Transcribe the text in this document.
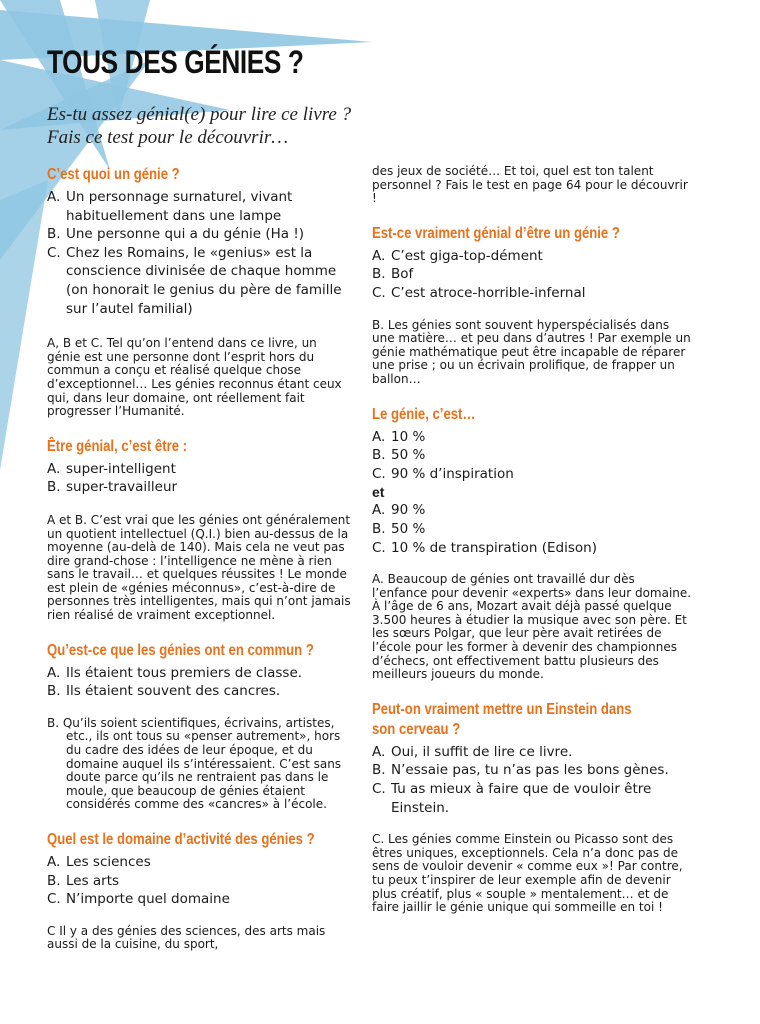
TOUS DES GÉNIES ?
Es-tu assez génial(e) pour lire ce livre ?
Fais ce test pour le découvrir…

C’est quoi un génie ?

A. Un personnage surnaturel, vivant habituellement dans une lampe
B. Une personne qui a du génie (Ha !)
C. Chez les Romains, le «genius» est la conscience divinisée de chaque homme (on honorait le genius du père de famille sur l’autel familial)
A, B et C. Tel qu’on l’entend dans ce livre, un génie est une personne dont l’esprit hors du commun a conçu et réalisé quelque chose d’exceptionnel… Les génies reconnus étant ceux qui, dans leur domaine, ont réellement fait progresser l’Humanité.

Être génial, c’est être :

A. super-intelligent
B. super-travailleur
A et B. C’est vrai que les génies ont généralement un quotient intellectuel (Q.I.) bien au-dessus de la moyenne (au-delà de 140). Mais cela ne veut pas dire grand-chose : l’intelligence ne mène à rien sans le travail… et quelques réussites ! Le monde est plein de «génies méconnus», c’est-à-dire de personnes très intelligentes, mais qui n’ont jamais rien réalisé de vraiment exceptionnel.

Qu’est-ce que les génies ont en commun ?

A. Ils étaient tous premiers de classe.
B. Ils étaient souvent des cancres.
B. Qu’ils soient scientifiques, écrivains, artistes, etc., ils ont tous su «penser autrement», hors du cadre des idées de leur époque, et du domaine auquel ils s’intéressaient. C’est sans doute parce qu’ils ne rentraient pas dans le moule, que beaucoup de génies étaient considérés comme des «cancres» à l’école.

Quel est le domaine d’activité des génies ?

A. Les sciences
B. Les arts
C. N’importe quel domaine
C Il y a des génies des sciences, des arts mais aussi de la cuisine, du sport,
des jeux de société… Et toi, quel est ton talent personnel ? Fais le test en page 64 pour le découvrir !

Est-ce vraiment génial d’être un génie ?

A. C’est giga-top-dément
B. Bof
C. C’est atroce-horrible-infernal
B. Les génies sont souvent hyperspécialisés dans une matière… et peu dans d’autres ! Par exemple un génie mathématique peut être incapable de réparer une prise ; ou un écrivain prolifique, de frapper un ballon…

Le génie, c’est…

A. 10 %
B. 50 %
C. 90 % d’inspiration
et
A. 90 %
B. 50 %
C. 10 % de transpiration (Edison)
A. Beaucoup de génies ont travaillé dur dès l’enfance pour devenir «experts» dans leur domaine. À l’âge de 6 ans, Mozart avait déjà passé quelque 3.500 heures à étudier la musique avec son père. Et les sœurs Polgar, que leur père avait retirées de l’école pour les former à devenir des championnes d’échecs, ont effectivement battu plusieurs des meilleurs joueurs du monde.

Peut-on vraiment mettre un Einstein dans son cerveau ?

A. Oui, il suffit de lire ce livre.
B. N’essaie pas, tu n’as pas les bons gènes.
C. Tu as mieux à faire que de vouloir être Einstein.
C. Les génies comme Einstein ou Picasso sont des êtres uniques, exceptionnels. Cela n’a donc pas de sens de vouloir devenir « comme eux »! Par contre, tu peux t’inspirer de leur exemple afin de devenir plus créatif, plus « souple » mentalement… et de faire jaillir le génie unique qui sommeille en toi !
